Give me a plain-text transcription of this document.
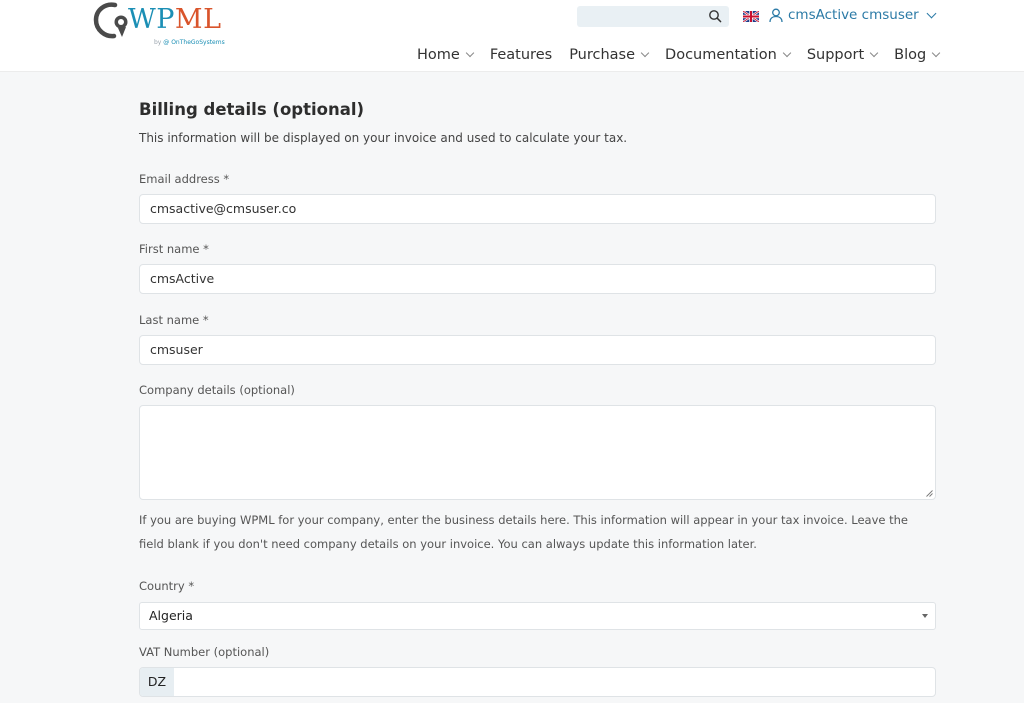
WPML
by @ OnTheGoSystems
cmsActive cmsuser
Home Features Purchase Documentation Support Blog
Billing details (optional)
This information will be displayed on your invoice and used to calculate your tax.
Email address *
cmsactive@cmsuser.co
First name *
cmsActive
Last name *
cmsuser
Company details (optional)
If you are buying WPML for your company, enter the business details here. This information will appear in your tax invoice. Leave the field blank if you don't need company details on your invoice. You can always update this information later.
Country *
Algeria
VAT Number (optional)
DZ
